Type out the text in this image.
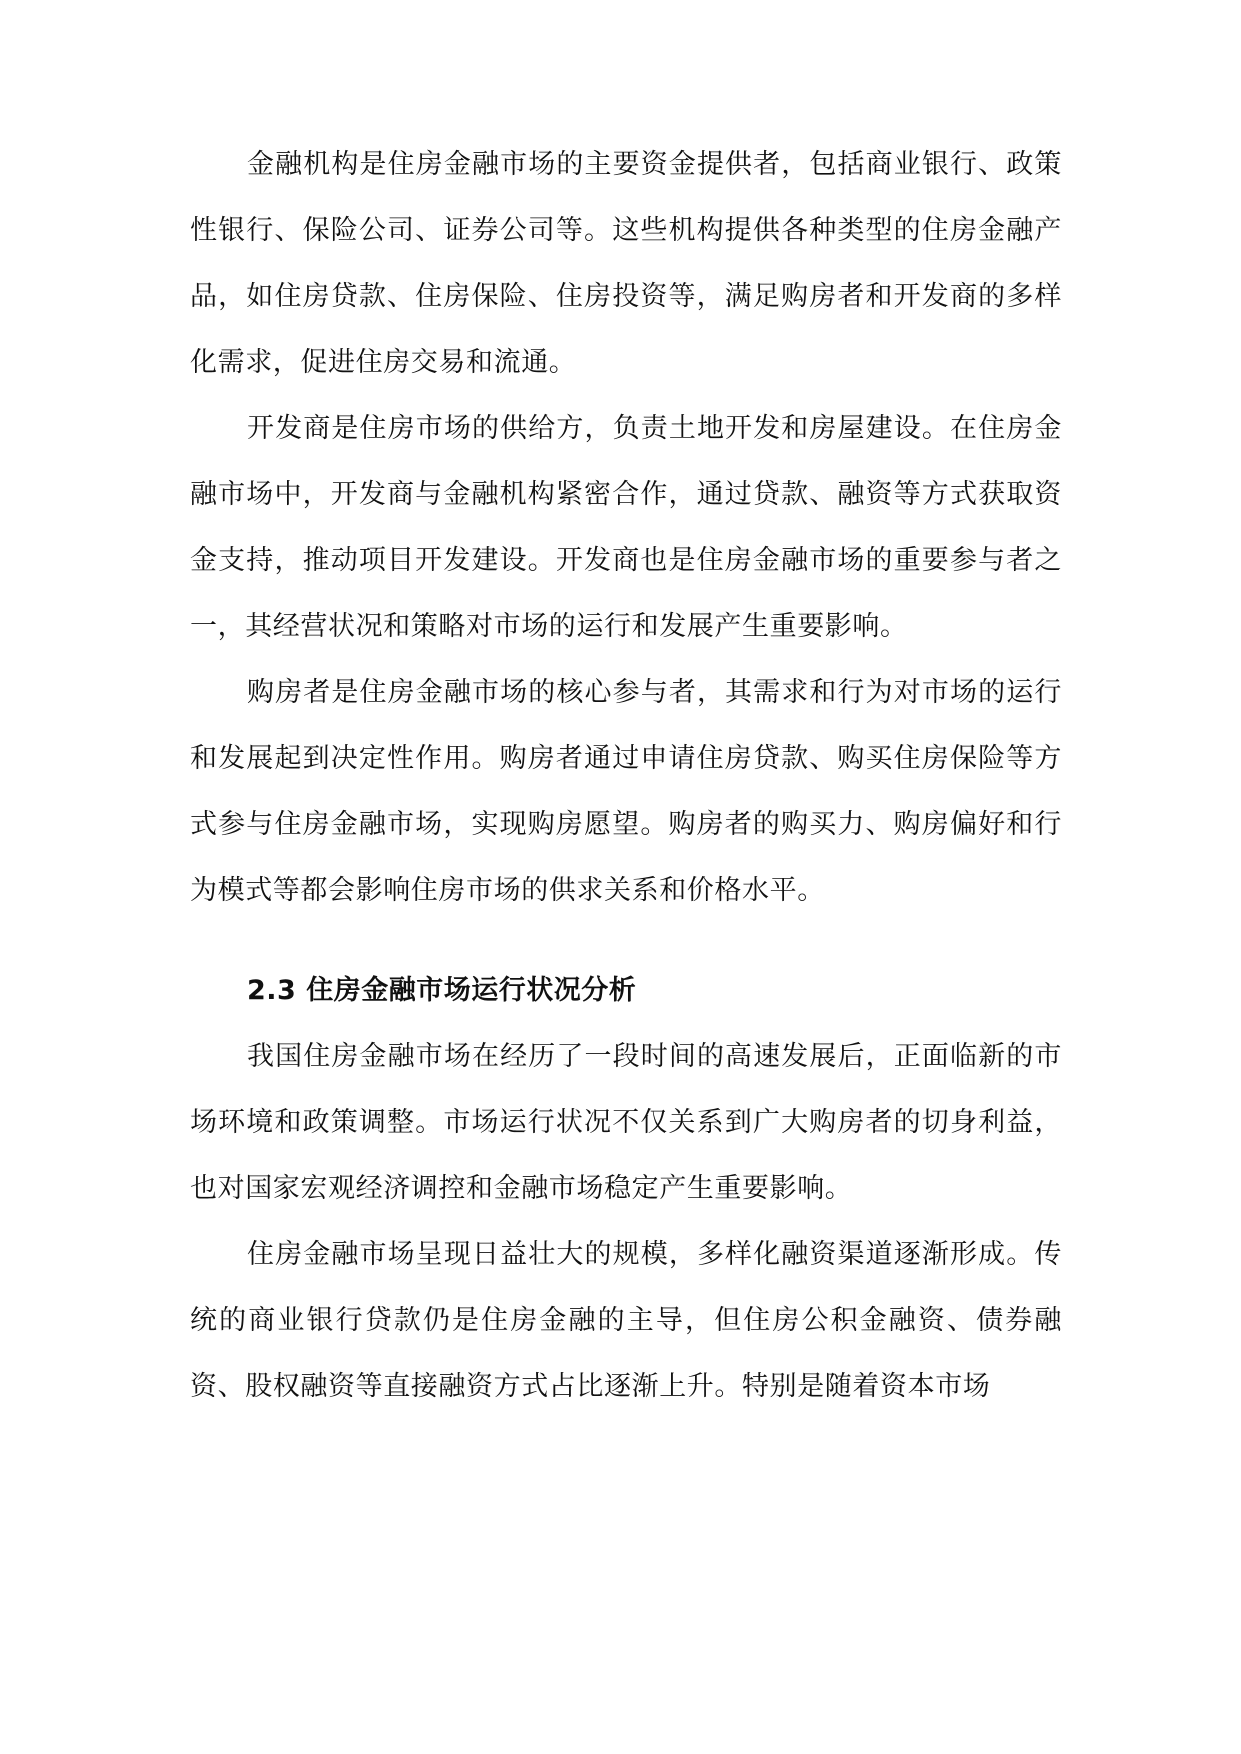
金融机构是住房金融市场的主要资金提供者，包括商业银行、政策性银行、保险公司、证券公司等。这些机构提供各种类型的住房金融产品，如住房贷款、住房保险、住房投资等，满足购房者和开发商的多样化需求，促进住房交易和流通。

开发商是住房市场的供给方，负责土地开发和房屋建设。在住房金融市场中，开发商与金融机构紧密合作，通过贷款、融资等方式获取资金支持，推动项目开发建设。开发商也是住房金融市场的重要参与者之一，其经营状况和策略对市场的运行和发展产生重要影响。

购房者是住房金融市场的核心参与者，其需求和行为对市场的运行和发展起到决定性作用。购房者通过申请住房贷款、购买住房保险等方式参与住房金融市场，实现购房愿望。购房者的购买力、购房偏好和行为模式等都会影响住房市场的供求关系和价格水平。

2.3 住房金融市场运行状况分析

我国住房金融市场在经历了一段时间的高速发展后，正面临新的市场环境和政策调整。市场运行状况不仅关系到广大购房者的切身利益，也对国家宏观经济调控和金融市场稳定产生重要影响。

住房金融市场呈现日益壮大的规模，多样化融资渠道逐渐形成。传统的商业银行贷款仍是住房金融的主导，但住房公积金融资、债券融资、股权融资等直接融资方式占比逐渐上升。特别是随着资本市场
